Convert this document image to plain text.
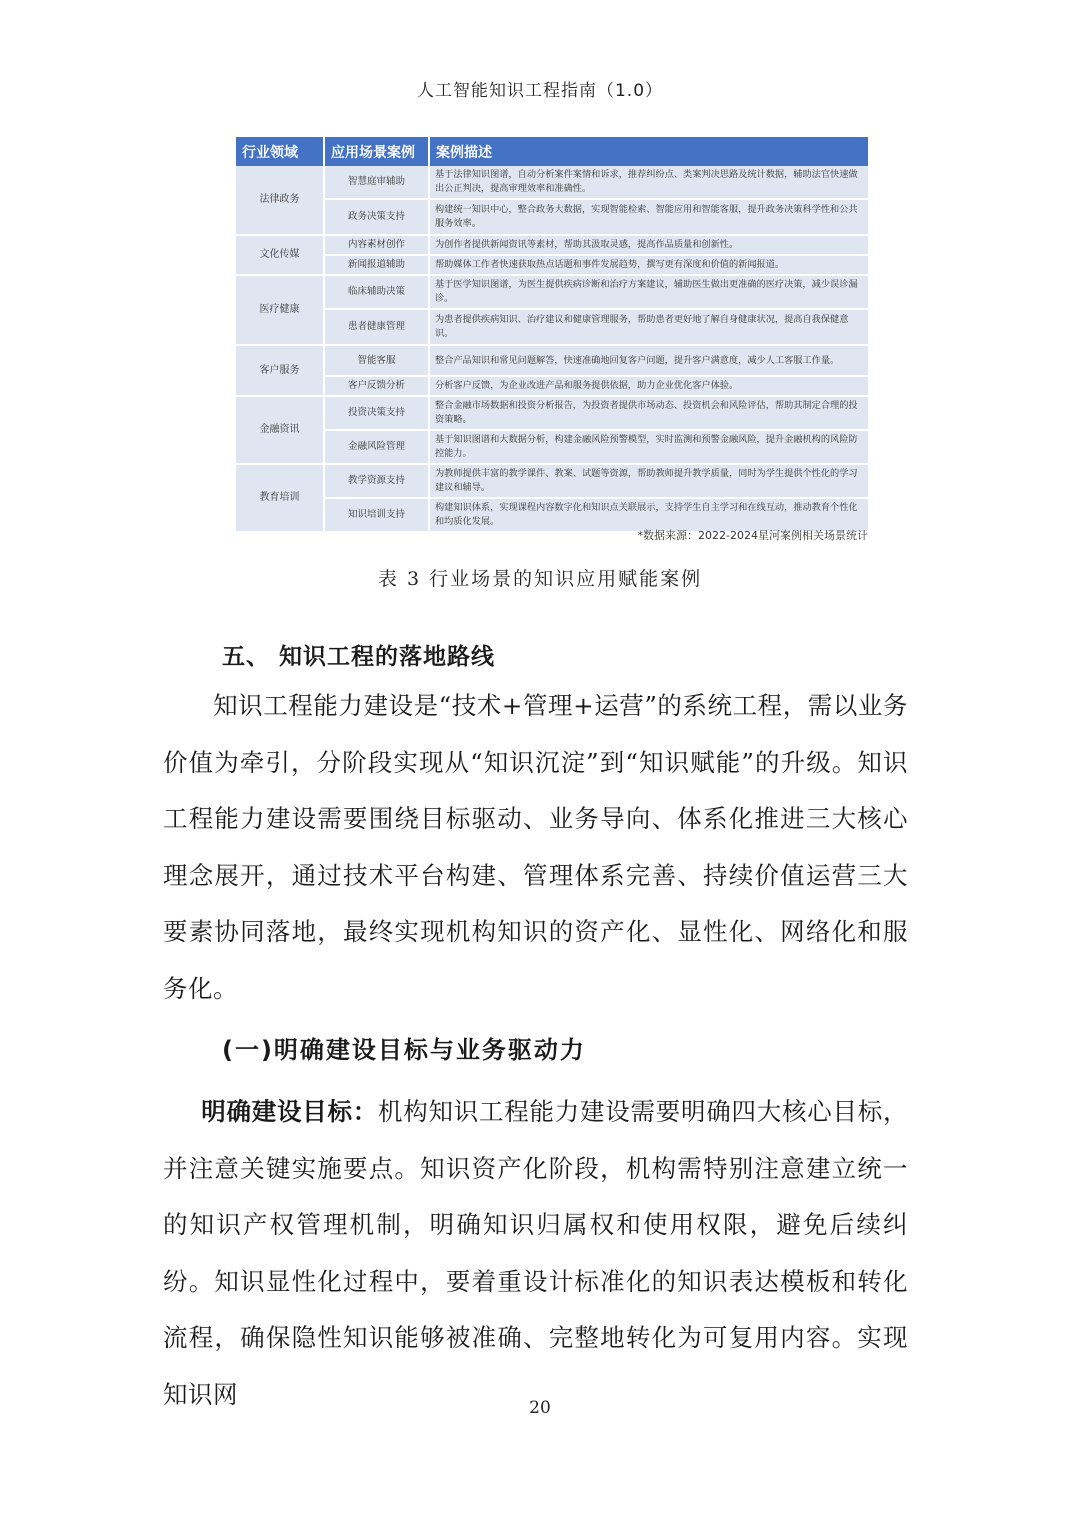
人工智能知识工程指南（1.0）
行业领域	应用场景案例	案例描述
法律政务	智慧庭审辅助	基于法律知识图谱，自动分析案件案情和诉求，推荐纠纷点、类案判决思路及统计数据，辅助法官快速做出公正判决，提高审理效率和准确性。
	政务决策支持	构建统一知识中心，整合政务大数据，实现智能检索、智能应用和智能客服，提升政务决策科学性和公共服务效率。
文化传媒	内容素材创作	为创作者提供新闻资讯等素材，帮助其汲取灵感，提高作品质量和创新性。
	新闻报道辅助	帮助媒体工作者快速获取热点话题和事件发展趋势，撰写更有深度和价值的新闻报道。
医疗健康	临床辅助决策	基于医学知识图谱，为医生提供疾病诊断和治疗方案建议，辅助医生做出更准确的医疗决策，减少误诊漏诊。
	患者健康管理	为患者提供疾病知识、治疗建议和健康管理服务，帮助患者更好地了解自身健康状况，提高自我保健意识。
客户服务	智能客服	整合产品知识和常见问题解答，快速准确地回复客户问题，提升客户满意度，减少人工客服工作量。
	客户反馈分析	分析客户反馈，为企业改进产品和服务提供依据，助力企业优化客户体验。
金融资讯	投资决策支持	整合金融市场数据和投资分析报告，为投资者提供市场动态、投资机会和风险评估，帮助其制定合理的投资策略。
	金融风险管理	基于知识图谱和大数据分析，构建金融风险预警模型，实时监测和预警金融风险，提升金融机构的风险防控能力。
教育培训	教学资源支持	为教师提供丰富的教学课件、教案、试题等资源，帮助教师提升教学质量，同时为学生提供个性化的学习建议和辅导。
	知识培训支持	构建知识体系，实现课程内容数字化和知识点关联展示，支持学生自主学习和在线互动，推动教育个性化和均质化发展。
*数据来源：2022-2024星河案例相关场景统计
表 3 行业场景的知识应用赋能案例
五、 知识工程的落地路线

知识工程能力建设是“技术+管理+运营”的系统工程，需以业务价值为牵引，分阶段实现从“知识沉淀”到“知识赋能”的升级。知识工程能力建设需要围绕目标驱动、业务导向、体系化推进三大核心理念展开，通过技术平台构建、管理体系完善、持续价值运营三大要素协同落地，最终实现机构知识的资产化、显性化、网络化和服务化。

(一)明确建设目标与业务驱动力

明确建设目标：机构知识工程能力建设需要明确四大核心目标，并注意关键实施要点。知识资产化阶段，机构需特别注意建立统一的知识产权管理机制，明确知识归属权和使用权限，避免后续纠纷。知识显性化过程中，要着重设计标准化的知识表达模板和转化流程，确保隐性知识能够被准确、完整地转化为可复用内容。实现知识网	20
